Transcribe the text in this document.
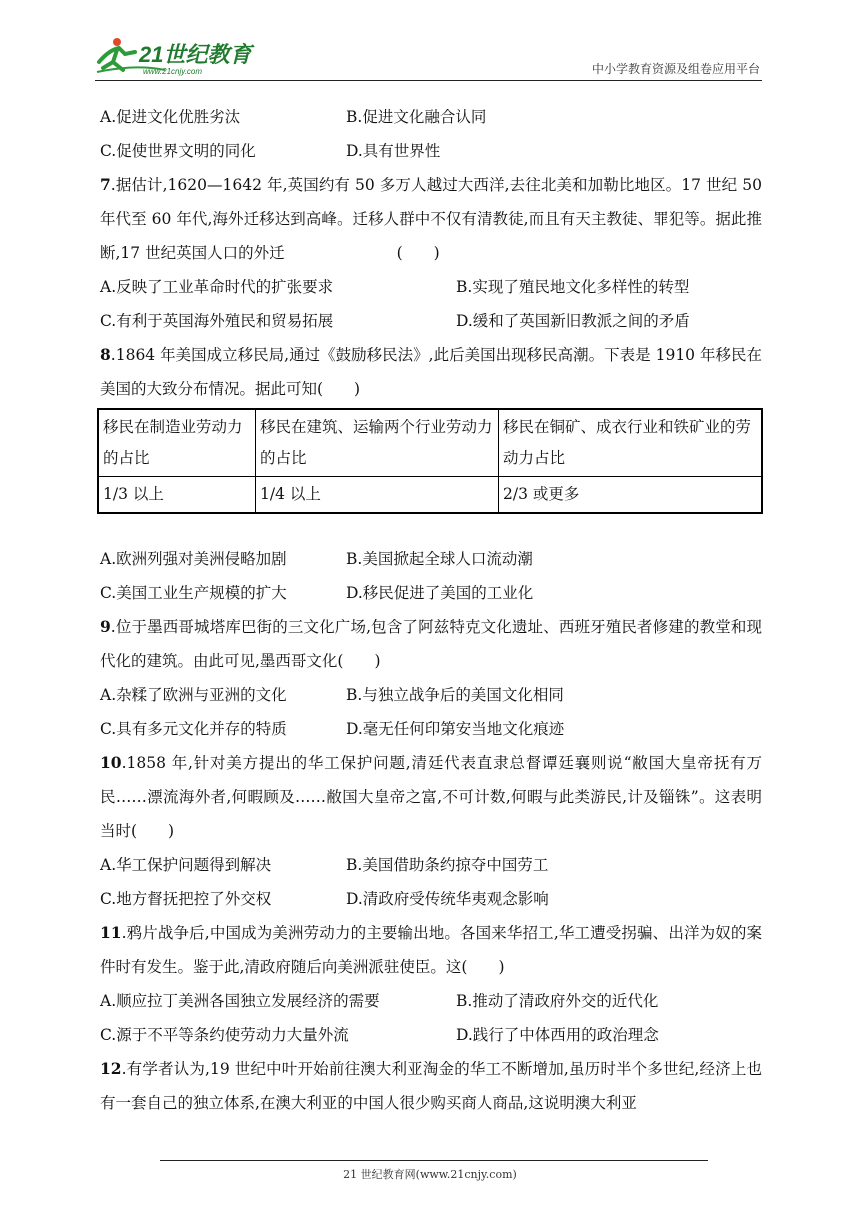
21世纪教育
www.21cnjy.com	中小学教育资源及组卷应用平台
A.促进文化优胜劣汰	B.促进文化融合认同
C.促使世界文明的同化	D.具有世界性
7.据估计,1620—1642 年,英国约有 50 多万人越过大西洋,去往北美和加勒比地区。17 世纪 50 年代至 60 年代,海外迁移达到高峰。迁移人群中不仅有清教徒,而且有天主教徒、罪犯等。据此推断,17 世纪英国人口的外迁	(　　)
A.反映了工业革命时代的扩张要求	B.实现了殖民地文化多样性的转型
C.有利于英国海外殖民和贸易拓展	D.缓和了英国新旧教派之间的矛盾
8.1864 年美国成立移民局,通过《鼓励移民法》,此后美国出现移民高潮。下表是 1910 年移民在美国的大致分布情况。据此可知(　　)
移民在制造业劳动力的占比	移民在建筑、运输两个行业劳动力的占比	移民在铜矿、成衣行业和铁矿业的劳动力占比
1/3 以上	1/4 以上	2/3 或更多
A.欧洲列强对美洲侵略加剧	B.美国掀起全球人口流动潮
C.美国工业生产规模的扩大	D.移民促进了美国的工业化
9.位于墨西哥城塔库巴街的三文化广场,包含了阿兹特克文化遗址、西班牙殖民者修建的教堂和现代化的建筑。由此可见,墨西哥文化(　　)
A.杂糅了欧洲与亚洲的文化	B.与独立战争后的美国文化相同
C.具有多元文化并存的特质	D.毫无任何印第安当地文化痕迹
10.1858 年,针对美方提出的华工保护问题,清廷代表直隶总督谭廷襄则说“敝国大皇帝抚有万民……漂流海外者,何暇顾及……敝国大皇帝之富,不可计数,何暇与此类游民,计及锱铢”。这表明当时(　　)
A.华工保护问题得到解决	B.美国借助条约掠夺中国劳工
C.地方督抚把控了外交权	D.清政府受传统华夷观念影响
11.鸦片战争后,中国成为美洲劳动力的主要输出地。各国来华招工,华工遭受拐骗、出洋为奴的案件时有发生。鉴于此,清政府随后向美洲派驻使臣。这(　　)
A.顺应拉丁美洲各国独立发展经济的需要	B.推动了清政府外交的近代化
C.源于不平等条约使劳动力大量外流	D.践行了中体西用的政治理念
12.有学者认为,19 世纪中叶开始前往澳大利亚淘金的华工不断增加,虽历时半个多世纪,经济上也有一套自己的独立体系,在澳大利亚的中国人很少购买商人商品,这说明澳大利亚
21 世纪教育网(www.21cnjy.com)
